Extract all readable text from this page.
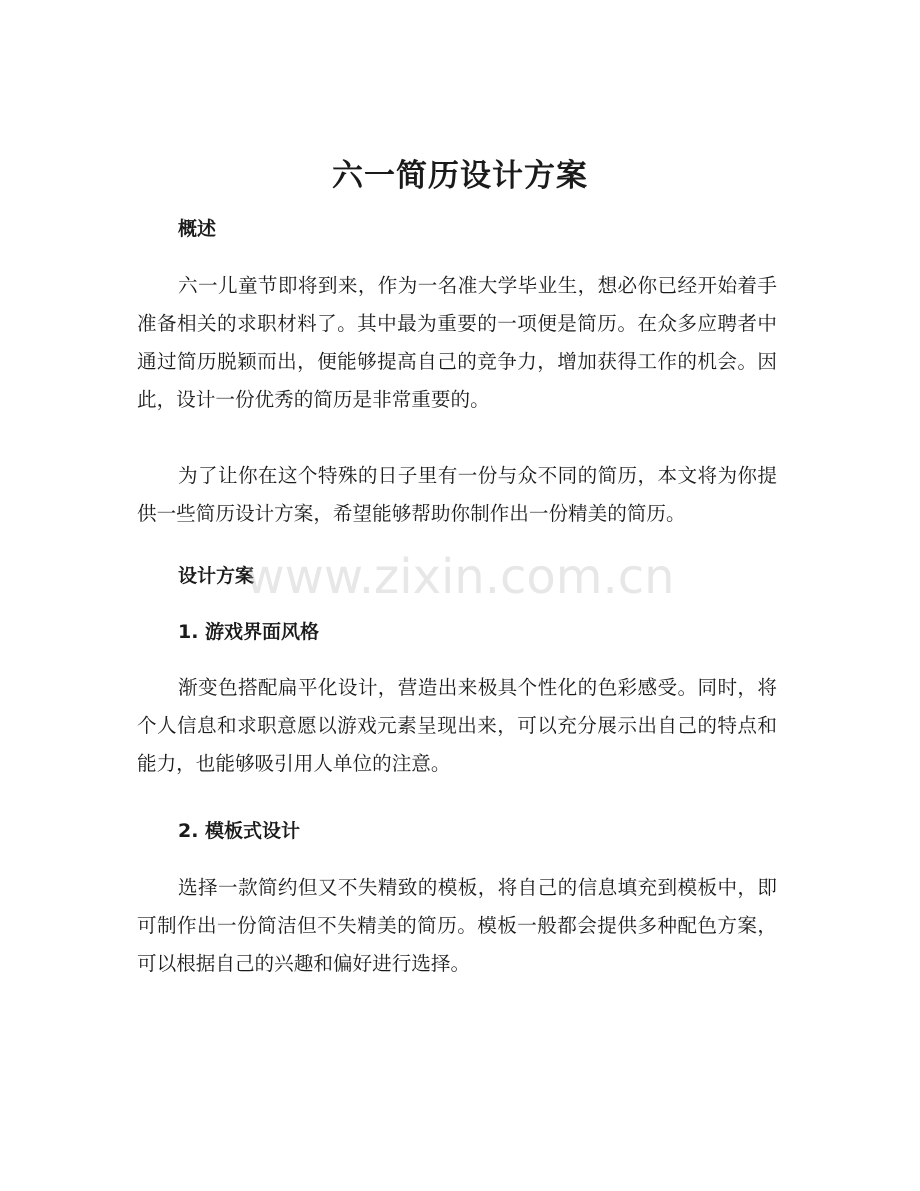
六一简历设计方案
概述

六一儿童节即将到来，作为一名准大学毕业生，想必你已经开始着手准备相关的求职材料了。其中最为重要的一项便是简历。在众多应聘者中通过简历脱颖而出，便能够提高自己的竞争力，增加获得工作的机会。因此，设计一份优秀的简历是非常重要的。

为了让你在这个特殊的日子里有一份与众不同的简历，本文将为你提供一些简历设计方案，希望能够帮助你制作出一份精美的简历。

设计方案
1. 游戏界面风格

渐变色搭配扁平化设计，营造出来极具个性化的色彩感受。同时，将个人信息和求职意愿以游戏元素呈现出来，可以充分展示出自己的特点和能力，也能够吸引用人单位的注意。

2. 模板式设计

选择一款简约但又不失精致的模板，将自己的信息填充到模板中，即可制作出一份简洁但不失精美的简历。模板一般都会提供多种配色方案，可以根据自己的兴趣和偏好进行选择。

www.zixin.com.cn
